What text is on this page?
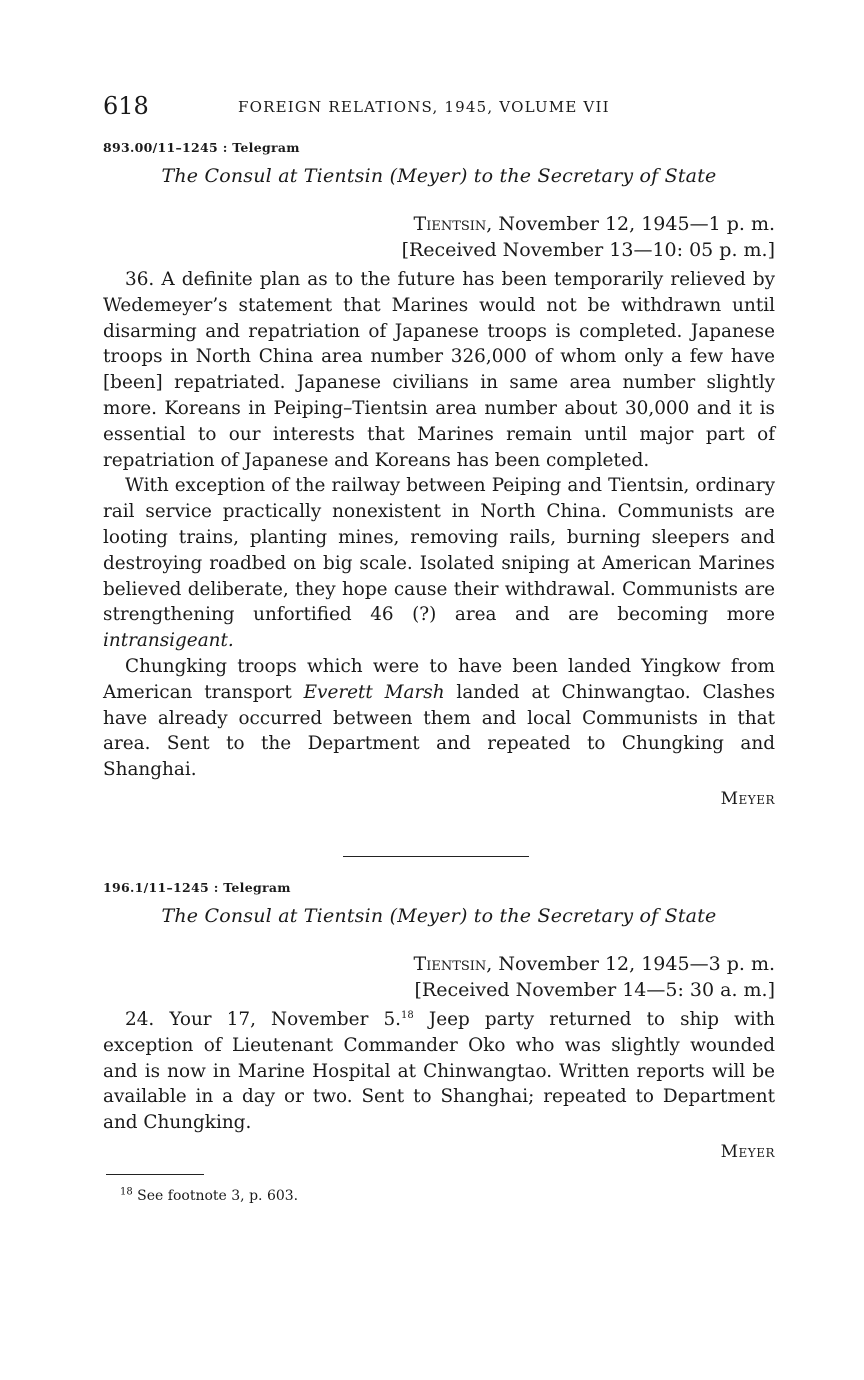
618	FOREIGN RELATIONS, 1945, VOLUME VII

893.00/11–1245 : Telegram

The Consul at Tientsin (Meyer) to the Secretary of State

Tientsin, November 12, 1945—1 p. m.
[Received November 13—10: 05 p. m.]

36. A definite plan as to the future has been temporarily relieved by Wedemeyer’s statement that Marines would not be withdrawn until disarming and repatriation of Japanese troops is completed. Japanese troops in North China area number 326,000 of whom only a few have [been] repatriated. Japanese civilians in same area number slightly more. Koreans in Peiping–Tientsin area number about 30,000 and it is essential to our interests that Marines remain until major part of repatriation of Japanese and Koreans has been completed.

With exception of the railway between Peiping and Tientsin, ordinary rail service practically nonexistent in North China. Communists are looting trains, planting mines, removing rails, burning sleepers and destroying roadbed on big scale. Isolated sniping at American Marines believed deliberate, they hope cause their withdrawal. Communists are strengthening unfortified 46 (?) area and are becoming more intransigeant.

Chungking troops which were to have been landed Yingkow from American transport Everett Marsh landed at Chinwangtao. Clashes have already occurred between them and local Communists in that area. Sent to the Department and repeated to Chungking and Shanghai.

Meyer

196.1/11–1245 : Telegram

The Consul at Tientsin (Meyer) to the Secretary of State

Tientsin, November 12, 1945—3 p. m.
[Received November 14—5: 30 a. m.]

24. Your 17, November 5.18 Jeep party returned to ship with exception of Lieutenant Commander Oko who was slightly wounded and is now in Marine Hospital at Chinwangtao. Written reports will be available in a day or two. Sent to Shanghai; repeated to Department and Chungking.

Meyer
$^{18}$ See footnote 3, p. 603.
